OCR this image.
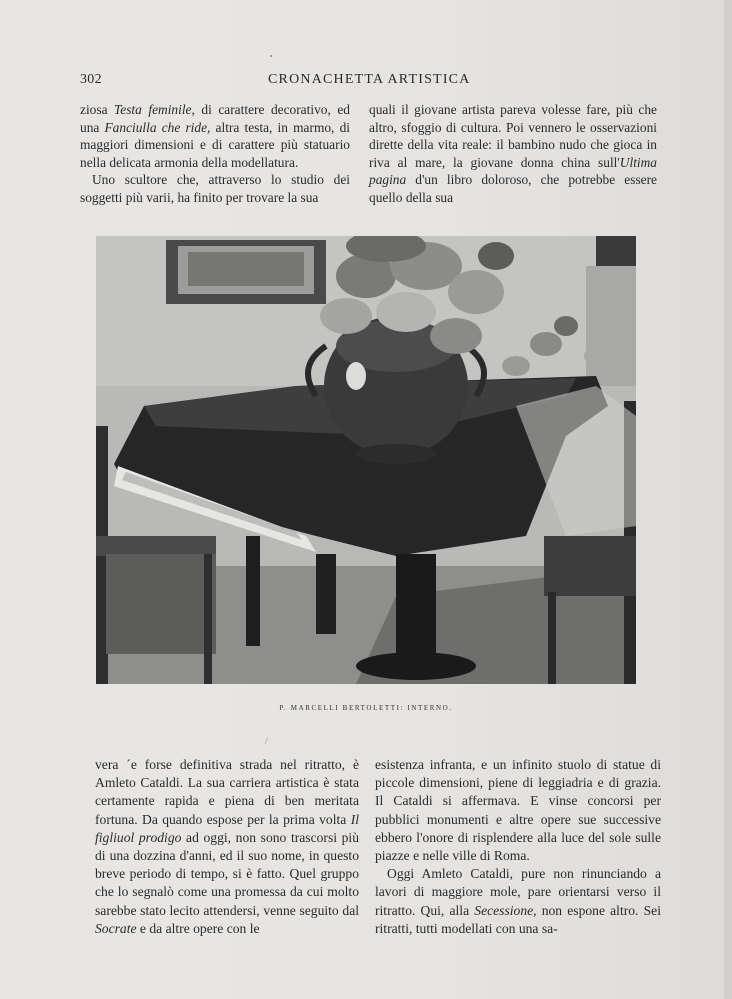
302	CRONACHETTA ARTISTICA

ziosa Testa feminile, di carattere decorativo, ed una Fanciulla che ride, altra testa, in marmo, di maggiori dimensioni e di carattere più statuario nella delicata armonia della modellatura.

Uno scultore che, attraverso lo studio dei soggetti più varii, ha finito per trovare la sua

quali il giovane artista pareva volesse fare, più che altro, sfoggio di cultura. Poi vennero le osservazioni dirette della vita reale: il bambino nudo che gioca in riva al mare, la giovane donna china sull'Ultima pagina d'un libro doloroso, che potrebbe essere quello della sua

P. MARCELLI BERTOLETTI: INTERNO.
/

vera ´e forse definitiva strada nel ritratto, è Amleto Cataldi. La sua carriera artistica è stata certamente rapida e piena di ben meritata fortuna. Da quando espose per la prima volta Il figliuol prodigo ad oggi, non sono trascorsi più di una dozzina d'anni, ed il suo nome, in questo breve periodo di tempo, si è fatto. Quel gruppo che lo segnalò come una promessa da cui molto sarebbe stato lecito attendersi, venne seguito dal Socrate e da altre opere con le

esistenza infranta, e un infinito stuolo di statue di piccole dimensioni, piene di leggiadria e di grazia. Il Cataldi si affermava. E vinse concorsi per pubblici monumenti e altre opere sue successive ebbero l'onore di risplendere alla luce del sole sulle piazze e nelle ville di Roma.

Oggi Amleto Cataldi, pure non rinunciando a lavori di maggiore mole, pare orientarsi verso il ritratto. Qui, alla Secessione, non espone altro. Sei ritratti, tutti modellati con una sa-
